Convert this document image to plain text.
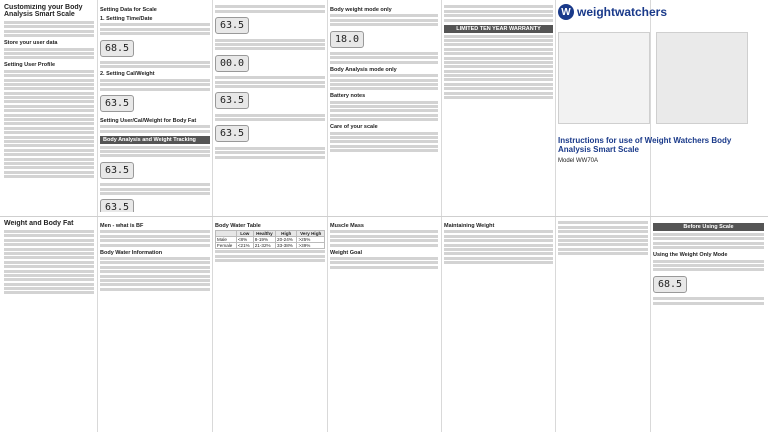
Customizing your Body Analysis Smart Scale
Store your user data
Setting User Profile
Setting Data for Scale
1. Setting Time/Date
68.5
2. Setting Cal/Weight
63.5
Setting User/Cal/Weight for Body Fat
Body Analysis and Weight Tracking
63.5
63.5
63.5
00.0
63.5
63.5
Body weight mode only
18.0
Body Analysis mode only
Battery notes
Care of your scale
LIMITED TEN YEAR WARRANTY
W weightwatchers
Instructions for use of Weight Watchers Body Analysis Smart Scale
Model WW70A
Weight and Body Fat	Men - what is BF
Body Water Information
Body Water Table
	Low	Healthy	High	Very High
Male	<8%	8-19%	20-24%	>25%
Female	<21%	21-32%	33-38%	>39%
Muscle Mass
Weight Goal
Maintaining Weight	Before Using Scale
Using the Weight Only Mode
68.5
